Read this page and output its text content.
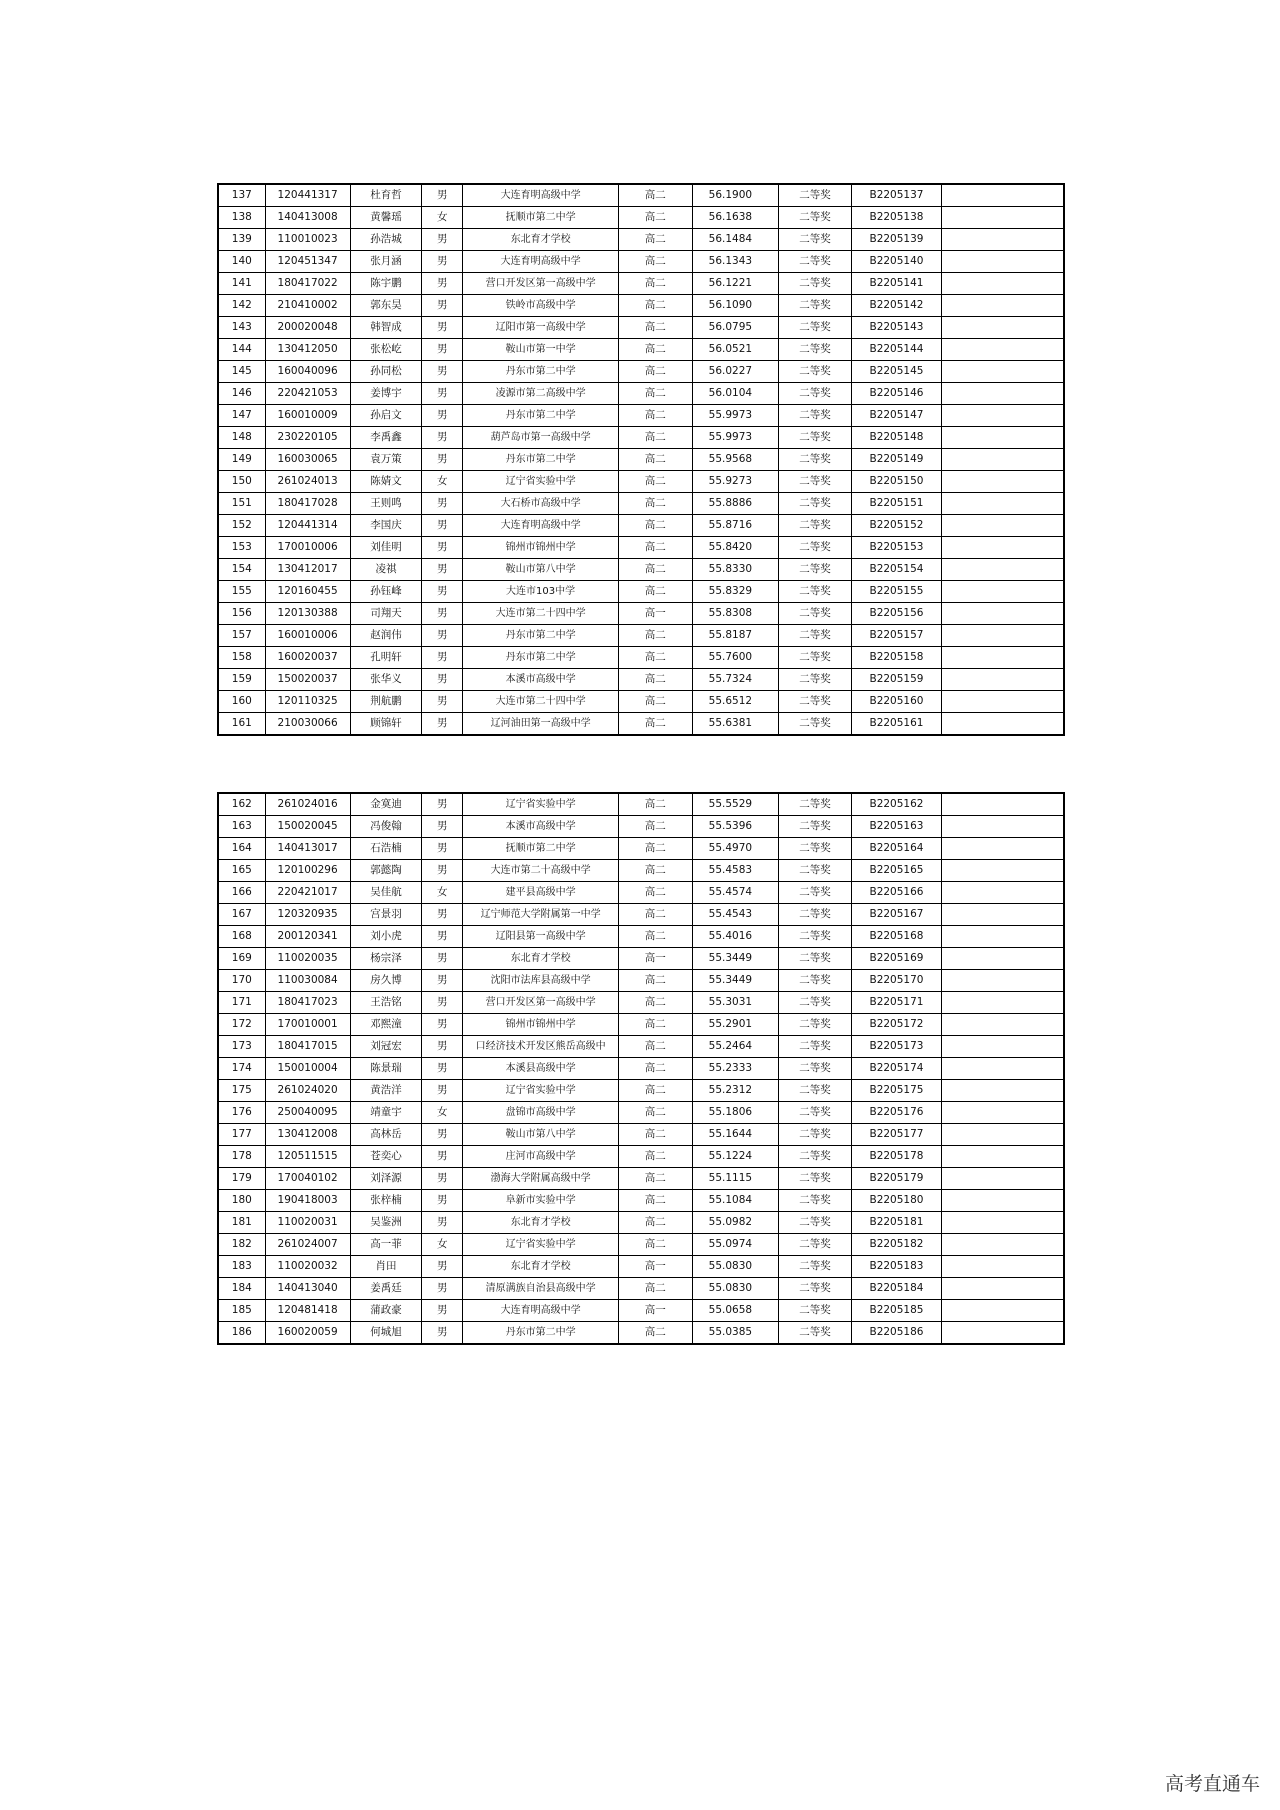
137	120441317	杜育哲	男	大连育明高级中学	高二	56.1900	二等奖	B2205137	
138	140413008	黄馨瑶	女	抚顺市第二中学	高二	56.1638	二等奖	B2205138	
139	110010023	孙浩城	男	东北育才学校	高二	56.1484	二等奖	B2205139	
140	120451347	张月涵	男	大连育明高级中学	高二	56.1343	二等奖	B2205140	
141	180417022	陈宇鹏	男	营口开发区第一高级中学	高二	56.1221	二等奖	B2205141	
142	210410002	郭东昊	男	铁岭市高级中学	高二	56.1090	二等奖	B2205142	
143	200020048	韩智成	男	辽阳市第一高级中学	高二	56.0795	二等奖	B2205143	
144	130412050	张松屹	男	鞍山市第一中学	高二	56.0521	二等奖	B2205144	
145	160040096	孙同松	男	丹东市第二中学	高二	56.0227	二等奖	B2205145	
146	220421053	姜博宇	男	凌源市第二高级中学	高二	56.0104	二等奖	B2205146	
147	160010009	孙启文	男	丹东市第二中学	高二	55.9973	二等奖	B2205147	
148	230220105	李禹鑫	男	葫芦岛市第一高级中学	高二	55.9973	二等奖	B2205148	
149	160030065	袁万策	男	丹东市第二中学	高二	55.9568	二等奖	B2205149	
150	261024013	陈婧文	女	辽宁省实验中学	高二	55.9273	二等奖	B2205150	
151	180417028	王则鸣	男	大石桥市高级中学	高二	55.8886	二等奖	B2205151	
152	120441314	李国庆	男	大连育明高级中学	高二	55.8716	二等奖	B2205152	
153	170010006	刘佳明	男	锦州市锦州中学	高二	55.8420	二等奖	B2205153	
154	130412017	凌祺	男	鞍山市第八中学	高二	55.8330	二等奖	B2205154	
155	120160455	孙钰峰	男	大连市103中学	高二	55.8329	二等奖	B2205155	
156	120130388	司翔天	男	大连市第二十四中学	高一	55.8308	二等奖	B2205156	
157	160010006	赵润伟	男	丹东市第二中学	高二	55.8187	二等奖	B2205157	
158	160020037	孔明轩	男	丹东市第二中学	高二	55.7600	二等奖	B2205158	
159	150020037	张华义	男	本溪市高级中学	高二	55.7324	二等奖	B2205159	
160	120110325	荆航鹏	男	大连市第二十四中学	高二	55.6512	二等奖	B2205160	
161	210030066	顾锦轩	男	辽河油田第一高级中学	高二	55.6381	二等奖	B2205161	
162	261024016	金寞迪	男	辽宁省实验中学	高二	55.5529	二等奖	B2205162	
163	150020045	冯俊翰	男	本溪市高级中学	高二	55.5396	二等奖	B2205163	
164	140413017	石浩楠	男	抚顺市第二中学	高二	55.4970	二等奖	B2205164	
165	120100296	郭懿陶	男	大连市第二十高级中学	高二	55.4583	二等奖	B2205165	
166	220421017	吴佳航	女	建平县高级中学	高二	55.4574	二等奖	B2205166	
167	120320935	宫景羽	男	辽宁师范大学附属第一中学	高二	55.4543	二等奖	B2205167	
168	200120341	刘小虎	男	辽阳县第一高级中学	高二	55.4016	二等奖	B2205168	
169	110020035	杨宗泽	男	东北育才学校	高一	55.3449	二等奖	B2205169	
170	110030084	房久博	男	沈阳市法库县高级中学	高二	55.3449	二等奖	B2205170	
171	180417023	王浩铭	男	营口开发区第一高级中学	高二	55.3031	二等奖	B2205171	
172	170010001	邓熙潼	男	锦州市锦州中学	高二	55.2901	二等奖	B2205172	
173	180417015	刘冠宏	男	口经济技术开发区熊岳高级中	高二	55.2464	二等奖	B2205173	
174	150010004	陈景瑞	男	本溪县高级中学	高二	55.2333	二等奖	B2205174	
175	261024020	黄浩洋	男	辽宁省实验中学	高二	55.2312	二等奖	B2205175	
176	250040095	靖童宇	女	盘锦市高级中学	高二	55.1806	二等奖	B2205176	
177	130412008	高林岳	男	鞍山市第八中学	高二	55.1644	二等奖	B2205177	
178	120511515	苍奕心	男	庄河市高级中学	高二	55.1224	二等奖	B2205178	
179	170040102	刘泽源	男	渤海大学附属高级中学	高二	55.1115	二等奖	B2205179	
180	190418003	张梓楠	男	阜新市实验中学	高二	55.1084	二等奖	B2205180	
181	110020031	吴鉴洲	男	东北育才学校	高二	55.0982	二等奖	B2205181	
182	261024007	高一菲	女	辽宁省实验中学	高二	55.0974	二等奖	B2205182	
183	110020032	肖田	男	东北育才学校	高一	55.0830	二等奖	B2205183	
184	140413040	姜禹廷	男	清原满族自治县高级中学	高二	55.0830	二等奖	B2205184	
185	120481418	蒲政豪	男	大连育明高级中学	高一	55.0658	二等奖	B2205185	
186	160020059	何城旭	男	丹东市第二中学	高二	55.0385	二等奖	B2205186	
高考直通车
